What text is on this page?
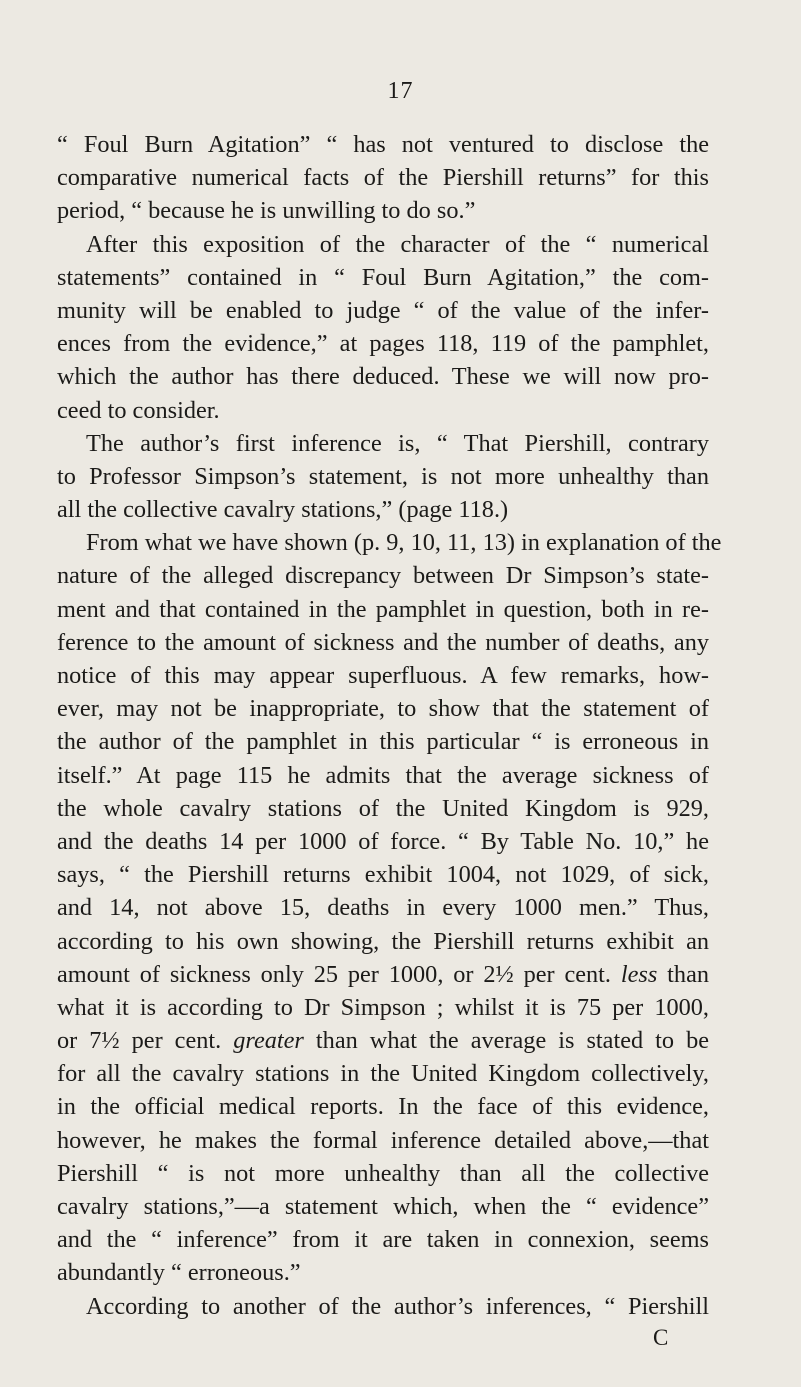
17
“ Foul Burn Agitation” “ has not ventured to disclose the
comparative numerical facts of the Piershill returns” for this
period, “ because he is unwilling to do so.”
After this exposition of the character of the “ numerical
statements” contained in “ Foul Burn Agitation,” the com-
munity will be enabled to judge “ of the value of the infer-
ences from the evidence,” at pages 118, 119 of the pamphlet,
which the author has there deduced. These we will now pro-
ceed to consider.
The author’s first inference is, “ That Piershill, contrary
to Professor Simpson’s statement, is not more unhealthy than
all the collective cavalry stations,” (page 118.)
From what we have shown (p. 9, 10, 11, 13) in explanation of the
nature of the alleged discrepancy between Dr Simpson’s state-
ment and that contained in the pamphlet in question, both in re-
ference to the amount of sickness and the number of deaths, any
notice of this may appear superfluous. A few remarks, how-
ever, may not be inappropriate, to show that the statement of
the author of the pamphlet in this particular “ is erroneous in
itself.” At page 115 he admits that the average sickness of
the whole cavalry stations of the United Kingdom is 929,
and the deaths 14 per 1000 of force. “ By Table No. 10,” he
says, “ the Piershill returns exhibit 1004, not 1029, of sick,
and 14, not above 15, deaths in every 1000 men.” Thus,
according to his own showing, the Piershill returns exhibit an
amount of sickness only 25 per 1000, or 2½ per cent. less than
what it is according to Dr Simpson ; whilst it is 75 per 1000,
or 7½ per cent. greater than what the average is stated to be
for all the cavalry stations in the United Kingdom collectively,
in the official medical reports. In the face of this evidence,
however, he makes the formal inference detailed above,—that
Piershill “ is not more unhealthy than all the collective
cavalry stations,”—a statement which, when the “ evidence”
and the “ inference” from it are taken in connexion, seems
abundantly “ erroneous.”
According to another of the author’s inferences, “ Piershill
C
